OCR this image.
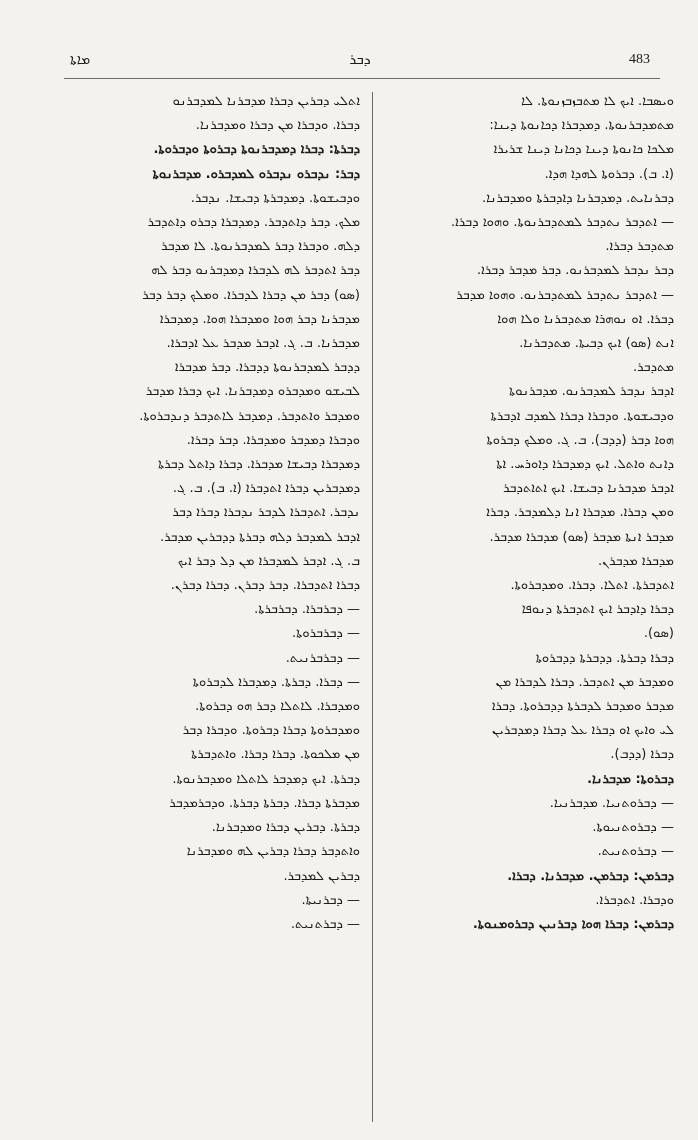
ܡܐܬܐ	ܕܒܪ	483
ܘܝܣܒܐ. ܐܝܟ ܠܐ ܡܬܒܙܒܙܢܘܬܐ. ܠܐ
ܡܬܡܕܒܪܢܘܬܐ. ܕܡܕܒܪܐ ܕܟܐܢܘܬܐ ܕܝܢܐ:
ܡܠܟܐ ܟܐܢܘܬܐ ܕܝܢܐ ܕܟܐܢܐ ܕܝܢܐ ܫܪܝܪܐ
(ܐ. ܒ). ܕܒܪܘܬܐ ܠܗܕܐ ܗܕܐ.
ܕܒܪܢܐܝܬ. ܕܡܕܒܪܢܐ ܕܐܕܒܪܬܐ ܘܡܕܒܪܢܐ.
— ܐܬܕܒܪ ܢܬܕܒܪ ܠܡܬܕܒܪܢܘܬܐ. ܘܗܘܐ ܕܒܪܐ.
ܡܬܕܒܪ ܕܒܪܐ.
ܕܒܪ ܢܕܒܪ ܠܡܕܒܪܢܘ. ܕܒܪ ܡܕܒܪ ܕܒܪܐ.
— ܐܬܕܒܪ ܢܬܕܒܪ ܠܡܬܕܒܪܢܘ. ܘܗܘܐ ܡܕܒܪ
ܕܒܪܐ. ܐܘ ܢܘܗܪܐ ܡܬܕܒܪܢܐ ܘܠܐ ܗܘܐ
ܐܢܬ (ܣܘ) ܐܝܟ ܕܒܝܬܐ. ܡܬܕܒܪܢܐ.
ܡܬܕܒܪ.
ܐܕܒܪ ܢܕܒܪ ܠܡܕܒܪܢܘ. ܡܕܒܪܢܘܬܐ
ܘܕܒܝܫܘܬܐ. ܘܕܒܪܐ ܕܒܪܐ ܠܡܕܒ ܐܕܒܪܬܐ
ܗܘܐ ܕܒܪ (ܕܕܒ). ܒ. ܓ. ܘܡܠܟ ܕܒܪܘܬܐ
ܕܐܢܬ ܘܐܬܠ. ܐܝܟ ܕܡܕܒܪܐ ܕܐܘܪܚ. ܐܬܐ
ܐܕܒܪ ܡܕܒܪܢܐ ܕܒܝܫܐ. ܐܝܟ ܐܬܐܬܕܒܪ
ܘܡܢ ܕܒܪܐ. ܡܕܒܪܐ ܐܢܐ ܕܠܡܕܒܪ. ܕܒܪܐ
ܡܕܒܪ ܐܢܬܐ ܡܕܒܪ (ܣܘ) ܡܕܒܪܐ ܡܕܒܪ.
ܡܕܒܪܐ ܡܕܒܪܢ.
ܐܬܕܒܪܬܐ. ܐܬܠܐ. ܕܒܪܐ. ܘܡܕܒܪܘܬܐ.
ܕܒܪܐ ܕܐܕܒܪ ܐܝܟ ܐܬܕܒܪܬܐ ܕܢܘܦܐ
(ܣܘ).
ܕܒܪܐ ܕܒܪܬܐ. ܕܕܒܪܬܐ ܕܕܒܪܘܬܐ
ܘܡܕܒܪ ܡܢ ܐܬܕܒܪ. ܕܒܪܐ ܠܕܒܪܐ ܡܢ
ܡܕܒܪ ܘܡܕܒܪ ܠܕܒܪܬܐ ܕܕܒܪܘܬܐ. ܕܒܪܐ
ܠܝ ܘܐܝܟ ܐܘ ܕܒܪܐ ܥܠ ܕܒܪܐ ܕܡܕܒܪܝܢ
ܕܒܪܐ (ܕܕܒ).
ܕܒܪܘܬܐ: ܡܕܒܪܢܐ.
— ܕܒܪܘܬܢܝܐ. ܡܕܒܪܢܝܐ.
— ܕܒܪܘܬܢܝܘܬܐ.
— ܕܒܪܘܬܢܝܬ.
ܕܒܪܡܢ: ܕܒܪܡܢ. ܡܕܒܪܢܐ. ܕܒܪܐ.
ܘܕܒܪܐ. ܐܬܕܒܪܐ.
ܕܒܪܡܢ: ܕܒܪܐ ܗܘܐ ܕܒܪܢܝܢ ܕܒܪܘܡܢܘܬܐ.
ܐܬܠܝ ܕܒܪܝܢ ܕܒܪܐ ܡܕܒܪܢܐ ܠܡܕܒܪܢܘ
ܕܒܪܐ. ܘܕܒܪܐ ܡܢ ܕܒܪܐ ܘܡܕܒܪܢܐ.
ܕܒܪܬܐ: ܕܒܪܐ ܕܡܕܒܪܢܘܬܐ ܕܒܪܘܬܐ ܘܕܒܪܘܬܐ.
ܕܒܪ: ܢܕܒܪܘ ܢܕܒܪܘ ܠܡܕܒܪܘ. ܡܕܒܪܢܘܬܐ
ܘܕܒܝܫܘܬܐ. ܕܡܕܒܪܬܐ ܕܒܝܫܐ. ܢܕܒܪ.
ܡܠܟ. ܕܒܪ ܕܐܬܕܒܪ. ܕܡܕܒܪܐ ܕܒܪܘ ܕܐܬܕܒܪ
ܕܠܗ. ܘܕܒܪܐ ܕܒܪ ܠܡܕܒܪܢܘܬܐ. ܠܐ ܡܕܒܪ
ܕܒܪ ܐܬܕܒܪ ܠܗ ܠܕܒܪܐ ܕܡܕܒܪܢܘ ܕܒܪ ܠܗ
(ܣܘ) ܕܒܪ ܡܢ ܕܒܪܐ ܠܕܒܪܐ. ܘܡܠܟ ܕܒܪ ܕܒܪ
ܡܕܒܪܢܐ ܕܒܪ ܗܘܐ ܘܡܕܒܪܐ ܗܘܐ. ܕܡܕܒܪܐ
ܡܕܒܪܢܐ. ܒ. ܓ. ܐܕܒܪ ܡܕܒܪ ܥܠ ܐܕܒܪܐ.
ܕܕܒܪ ܠܡܕܒܪܢܘܬܐ ܕܕܒܪܐ. ܕܒܪ ܡܕܒܪܐ
ܠܒܝܫܘ ܘܡܕܒܪܘ ܕܡܕܒܪܢܐ. ܐܝܟ ܕܒܪܐ ܡܕܒܪ
ܘܡܕܒܪ ܘܐܬܕܒܪ. ܕܡܕܒܪ ܠܐܬܕܒܪ ܕܢܕܒܪܘܬܐ.
ܘܕܒܪܐ ܕܡܕܒܪ ܘܡܕܒܪܐ. ܕܒܪ ܕܒܪܐ.
ܕܡܕܒܪܐ ܕܒܝܫܐ ܡܕܒܪܐ. ܕܒܪܐ ܕܐܬܠ ܕܒܪܬܐ
ܕܡܕܒܪܝܢ ܕܒܪܐ ܐܬܕܒܪܐ (ܐ. ܒ). ܒ. ܓ.
ܢܕܒܪ. ܐܬܕܒܪܐ ܠܕܒܪ ܢܕܒܪܐ ܕܒܪܐ ܕܒܪ
ܐܕܒܪ ܠܡܕܒܪ ܕܠܗ ܕܒܪܬܐ ܕܕܒܪܝܢ ܡܕܒܪ.
ܒ. ܓ. ܐܕܒܪ ܠܡܕܒܪܐ ܡܢ ܕܠ ܕܒܪ ܐܝܟ
ܕܒܪܐ ܐܬܕܒܪܐ. ܕܒܪ ܕܒܪܢ. ܕܒܪܐ ܕܒܪܢ.
— ܕܒܪܒܪܐ. ܕܒܪܒܪܬܐ.
— ܕܒܪܒܪܘܬܐ.
— ܕܒܪܒܪܢܝܬ.
— ܕܒܪܐ. ܕܒܪܬܐ. ܕܡܕܒܪܐ ܠܕܒܪܘܬܐ
ܘܡܕܒܪܐ. ܠܐܬܠܐ ܕܒܪ ܗܘ ܕܒܪܘܬܐ.
ܘܡܕܒܪܘܬܐ ܕܒܪܐ ܕܒܪܘܬܐ. ܘܕܒܪܐ ܕܒܪ
ܡܢ ܡܠܟܘܬܐ. ܕܒܪܐ ܕܒܪܐ. ܘܐܬܕܒܪܬܐ
ܕܒܪܬܐ. ܐܝܟ ܕܡܕܒܪ ܠܐܬܠܐ ܘܡܕܒܪܢܘܬܐ.
ܡܕܒܪܬܐ ܕܒܪܐ. ܕܒܪܬܐ ܕܒܪܬܐ. ܘܕܒܪܡܕܒܪ
ܕܒܪܬܐ. ܕܒܪܝܢ ܕܒܪܐ ܘܡܕܒܪܢܐ.
ܘܐܬܕܒܪ ܕܒܪܐ ܕܒܪܝܢ ܠܗ ܘܡܕܒܪܢܐ
ܕܒܪܝܢ ܠܡܕܒܪ.
— ܕܒܪܢܝܬܐ.
— ܕܒܪܬܢܝܬ.
